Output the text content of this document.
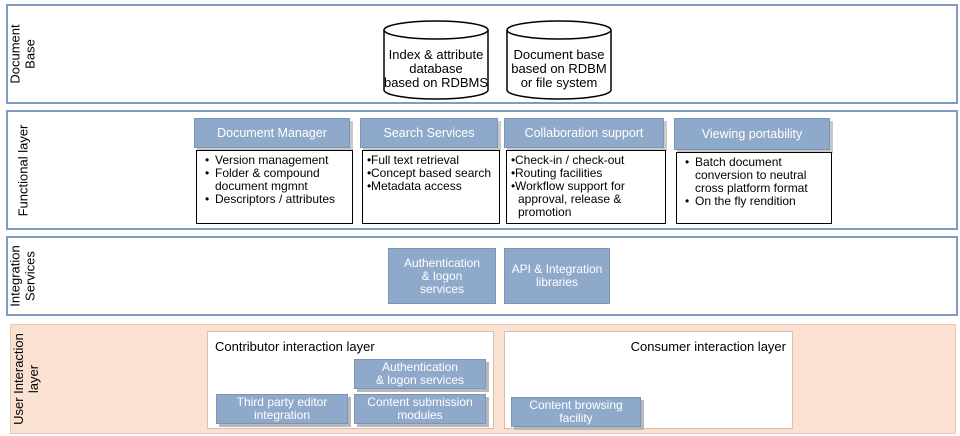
Document
Base	Index & attribute
database
based on RDBMS
Document base
based on RDBM
or file system
Functional layer	Document Manager
• Version management
• Folder & compound document mgmnt
• Descriptors / attributes
Search Services
• Full text retrieval
• Concept based search
• Metadata access
Collaboration support
• Check-in / check-out
• Routing facilities
• Workflow support for approval, release & promotion
Viewing portability
• Batch document conversion to neutral cross platform format
• On the fly rendition
Integration
Services	Authentication
& logon
services
API & Integration
libraries
User Interaction
layer
Contributor interaction layer
Authentication
& logon services
Third party editor
integration
Content submission
modules
Consumer interaction layer
Content browsing
facility
